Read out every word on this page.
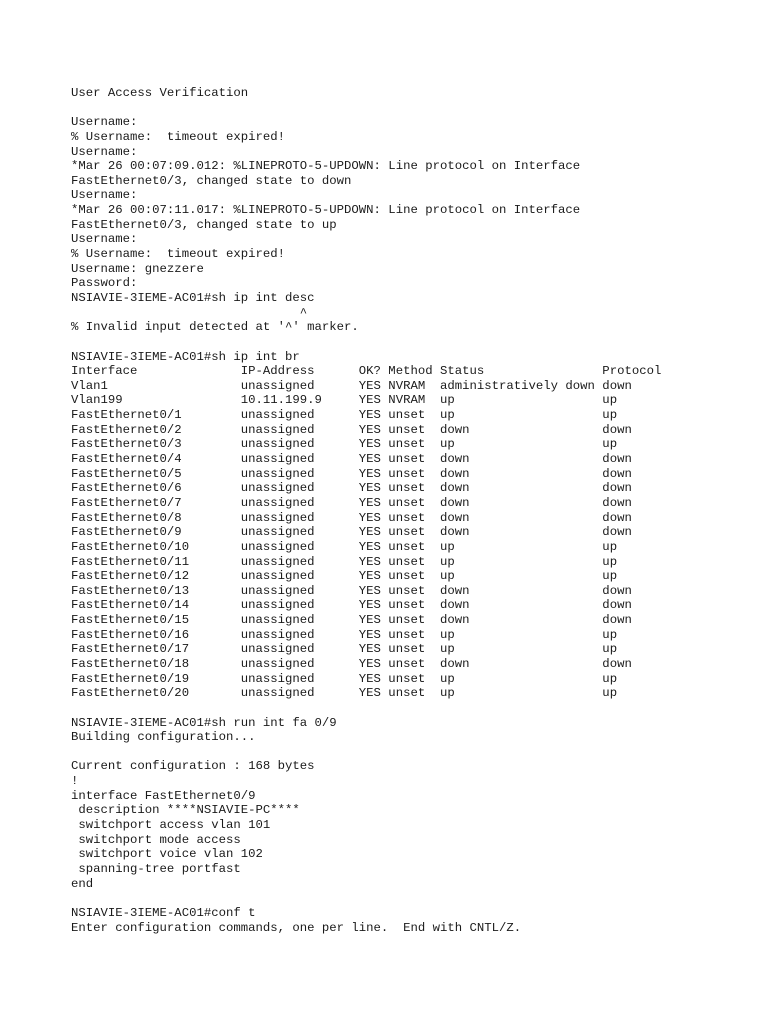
User Access Verification
Username:
% Username:  timeout expired!
Username:
*Mar 26 00:07:09.012: %LINEPROTO-5-UPDOWN: Line protocol on Interface
FastEthernet0/3, changed state to down
Username:
*Mar 26 00:07:11.017: %LINEPROTO-5-UPDOWN: Line protocol on Interface
FastEthernet0/3, changed state to up
Username:
% Username:  timeout expired!
Username: gnezzere
Password:
NSIAVIE-3IEME-AC01#sh ip int desc
^
% Invalid input detected at '^' marker.
NSIAVIE-3IEME-AC01#sh ip int br
Interface              IP-Address      OK? Method Status                Protocol
Vlan1                  unassigned      YES NVRAM  administratively down down
Vlan199                10.11.199.9     YES NVRAM  up                    up
FastEthernet0/1        unassigned      YES unset  up                    up
FastEthernet0/2        unassigned      YES unset  down                  down
FastEthernet0/3        unassigned      YES unset  up                    up
FastEthernet0/4        unassigned      YES unset  down                  down
FastEthernet0/5        unassigned      YES unset  down                  down
FastEthernet0/6        unassigned      YES unset  down                  down
FastEthernet0/7        unassigned      YES unset  down                  down
FastEthernet0/8        unassigned      YES unset  down                  down
FastEthernet0/9        unassigned      YES unset  down                  down
FastEthernet0/10       unassigned      YES unset  up                    up
FastEthernet0/11       unassigned      YES unset  up                    up
FastEthernet0/12       unassigned      YES unset  up                    up
FastEthernet0/13       unassigned      YES unset  down                  down
FastEthernet0/14       unassigned      YES unset  down                  down
FastEthernet0/15       unassigned      YES unset  down                  down
FastEthernet0/16       unassigned      YES unset  up                    up
FastEthernet0/17       unassigned      YES unset  up                    up
FastEthernet0/18       unassigned      YES unset  down                  down
FastEthernet0/19       unassigned      YES unset  up                    up
FastEthernet0/20       unassigned      YES unset  up                    up
NSIAVIE-3IEME-AC01#sh run int fa 0/9
Building configuration...
Current configuration : 168 bytes
!
interface FastEthernet0/9
description ****NSIAVIE-PC****
switchport access vlan 101
switchport mode access
switchport voice vlan 102
spanning-tree portfast
end
NSIAVIE-3IEME-AC01#conf t
Enter configuration commands, one per line.  End with CNTL/Z.
